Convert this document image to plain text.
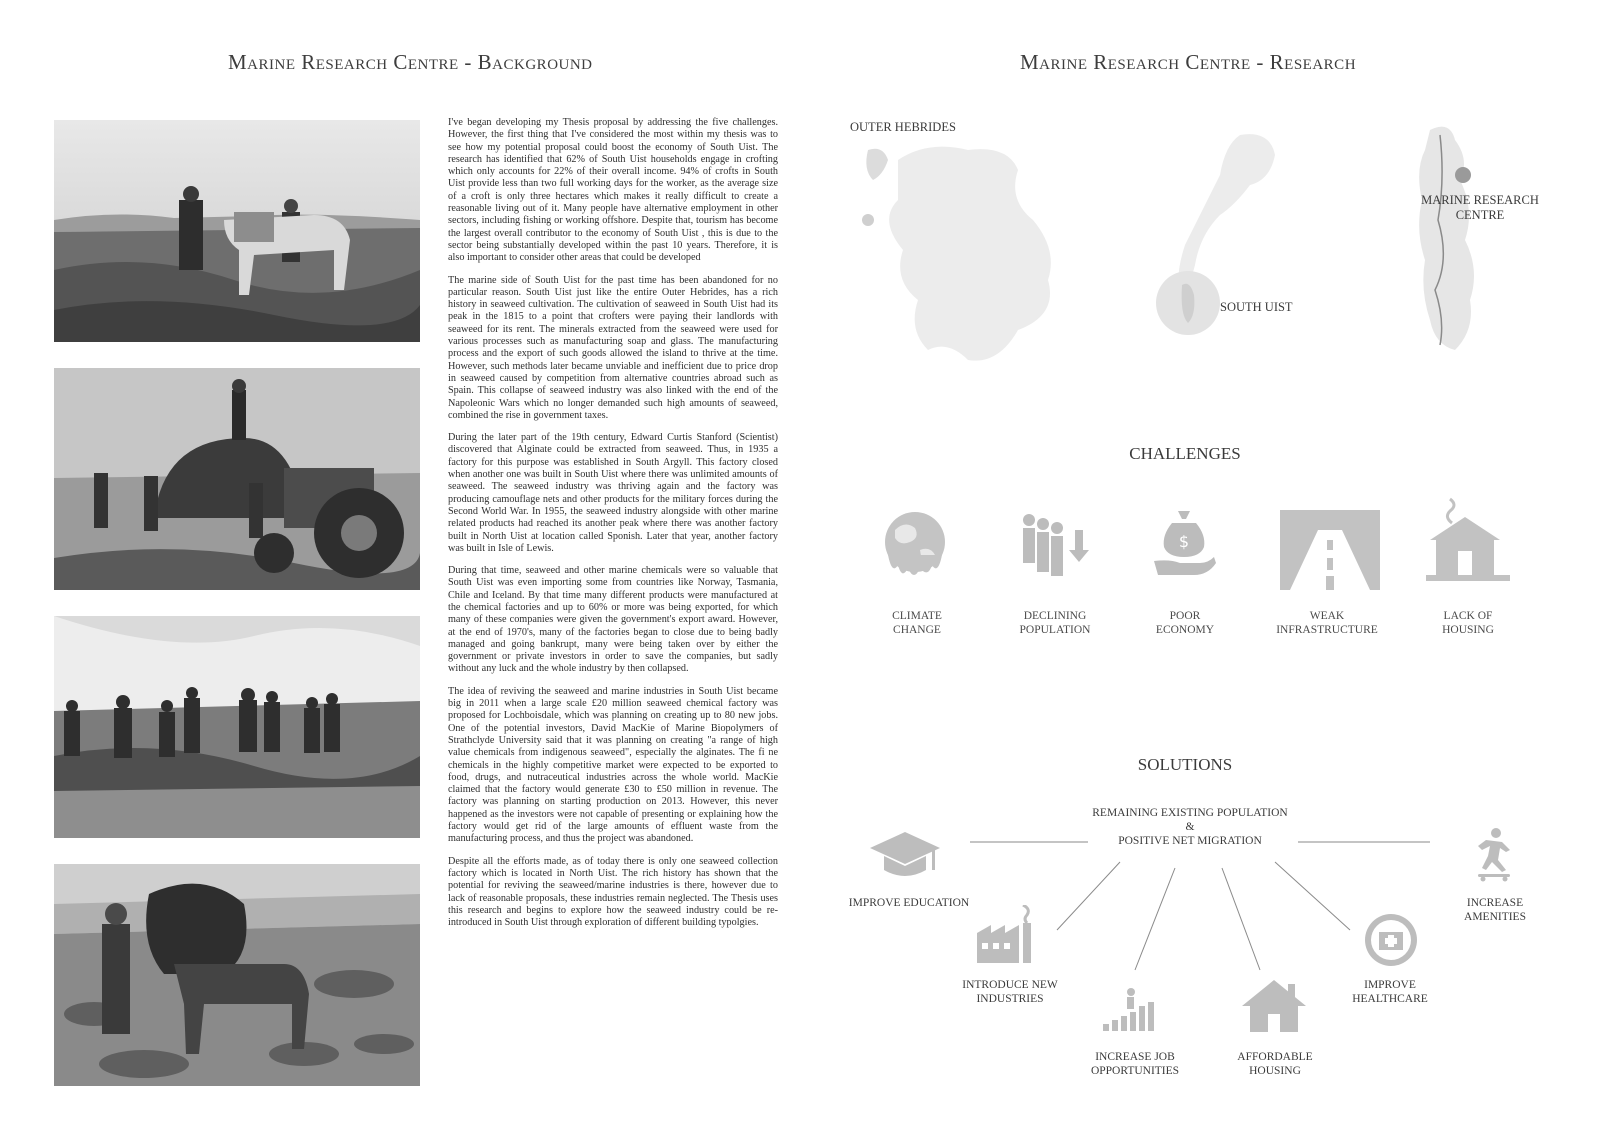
Marine Research Centre - Background

I've began developing my Thesis proposal by addressing the five challenges. However, the first thing that I've considered the most within my thesis was to see how my potential proposal could boost the economy of South Uist. The research has identified that 62% of South Uist households engage in crofting which only accounts for 22% of their overall income. 94% of crofts in South Uist provide less than two full working days for the worker, as the average size of a croft is only three hectares which makes it really difficult to create a reasonable living out of it. Many people have alternative employment in other sectors, including fishing or working offshore. Despite that, tourism has become the largest overall contributor to the economy of South Uist , this is due to the sector being substantially developed within the past 10 years. Therefore, it is also important to consider other areas that could be developed

The marine side of South Uist for the past time has been abandoned for no particular reason. South Uist just like the entire Outer Hebrides, has a rich history in seaweed cultivation. The cultivation of seaweed in South Uist had its peak in the 1815 to a point that crofters were paying their landlords with seaweed for its rent. The minerals extracted from the seaweed were used for various processes such as manufacturing soap and glass. The manufacturing process and the export of such goods allowed the island to thrive at the time. However, such methods later became unviable and inefficient due to price drop in seaweed caused by competition from alternative countries abroad such as Spain. This collapse of seaweed industry was also linked with the end of the Napoleonic Wars which no longer demanded such high amounts of seaweed, combined the rise in government taxes.

During the later part of the 19th century, Edward Curtis Stanford (Scientist) discovered that Alginate could be extracted from seaweed. Thus, in 1935 a factory for this purpose was established in South Argyll. This factory closed when another one was built in South Uist where there was unlimited amounts of seaweed. The seaweed industry was thriving again and the factory was producing camouflage nets and other products for the military forces during the Second World War. In 1955, the seaweed industry alongside with other marine related products had reached its another peak where there was another factory built in North Uist at location called Sponish. Later that year, another factory was built in Isle of Lewis.

During that time, seaweed and other marine chemicals were so valuable that South Uist was even importing some from countries like Norway, Tasmania, Chile and Iceland. By that time many different products were manufactured at the chemical factories and up to 60% or more was being exported, for which many of these companies were given the government's export award. However, at the end of 1970's, many of the factories began to close due to being badly managed and going bankrupt, many were being taken over by either the government or private investors in order to save the companies, but sadly without any luck and the whole industry by then collapsed.

The idea of reviving the seaweed and marine industries in South Uist became big in 2011 when a large scale £20 million seaweed chemical factory was proposed for Lochboisdale, which was planning on creating up to 80 new jobs. One of the potential investors, David MacKie of Marine Biopolymers of Strathclyde University said that it was planning on creating "a range of high value chemicals from indigenous seaweed", especially the alginates. The fi ne chemicals in the highly competitive market were expected to be exported to food, drugs, and nutraceutical industries across the whole world. MacKie claimed that the factory would generate £30 to £50 million in revenue. The factory was planning on starting production on 2013. However, this never happened as the investors were not capable of presenting or explaining how the factory would get rid of the large amounts of effluent waste from the manufacturing process, and thus the project was abandoned.

Despite all the efforts made, as of today there is only one seaweed collection factory which is located in North Uist. The rich history has shown that the potential for reviving the seaweed/marine industries is there, however due to lack of reasonable proposals, these industries remain neglected. The Thesis uses this research and begins to explore how the seaweed industry could be re-introduced in South Uist through exploration of different building typolgies.

Marine Research Centre - Research
OUTER HEBRIDES
SOUTH UIST
MARINE RESEARCH CENTRE
CHALLENGES
$
CLIMATE
CHANGE
DECLINING
POPULATION
POOR
ECONOMY
WEAK
INFRASTRUCTURE
LACK OF
HOUSING
SOLUTIONS
REMAINING EXISTING POPULATION
&
POSITIVE NET MIGRATION
IMPROVE EDUCATION
INTRODUCE NEW
INDUSTRIES
INCREASE JOB
OPPORTUNITIES
AFFORDABLE
HOUSING
IMPROVE
HEALTHCARE
INCREASE
AMENITIES
